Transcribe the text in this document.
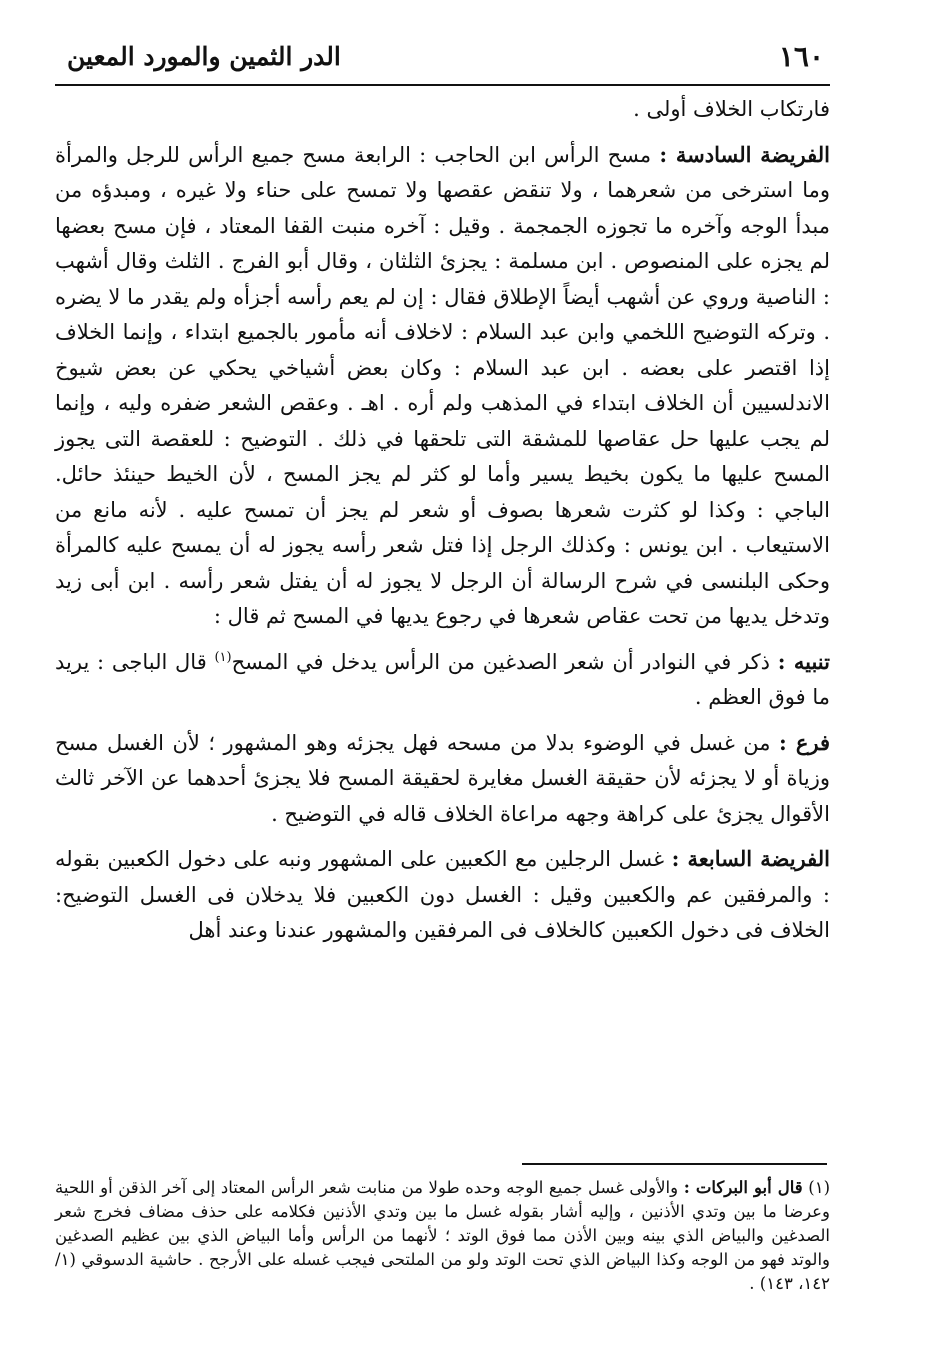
١٦٠
الدر الثمين والمورد المعين

فارتكاب الخلاف أولى .

الفريضة السادسة : مسح الرأس ابن الحاجب : الرابعة مسح جميع الرأس للرجل والمرأة وما استرخى من شعرهما ، ولا تنقض عقصها ولا تمسح على حناء ولا غيره ، ومبدؤه من مبدأ الوجه وآخره ما تجوزه الجمجمة . وقيل : آخره منبت القفا المعتاد ، فإن مسح بعضها لم يجزه على المنصوص . ابن مسلمة : يجزئ الثلثان ، وقال أبو الفرج . الثلث وقال أشهب : الناصية وروي عن أشهب أيضاً الإطلاق فقال : إن لم يعم رأسه أجزأه ولم يقدر ما لا يضره . وتركه التوضيح اللخمي وابن عبد السلام : لاخلاف أنه مأمور بالجميع ابتداء ، وإنما الخلاف إذا اقتصر على بعضه . ابن عبد السلام : وكان بعض أشياخي يحكي عن بعض شيوخ الاندلسيين أن الخلاف ابتداء في المذهب ولم أره . اهـ . وعقص الشعر ضفره وليه ، وإنما لم يجب عليها حل عقاصها للمشقة التى تلحقها في ذلك . التوضيح : للعقصة التى يجوز المسح عليها ما يكون بخيط يسير وأما لو كثر لم يجز المسح ، لأن الخيط حينئذ حائل. الباجي : وكذا لو كثرت شعرها بصوف أو شعر لم يجز أن تمسح عليه . لأنه مانع من الاستيعاب . ابن يونس : وكذلك الرجل إذا فتل شعر رأسه يجوز له أن يمسح عليه كالمرأة وحكى البلنسى في شرح الرسالة أن الرجل لا يجوز له أن يفتل شعر رأسه . ابن أبى زيد وتدخل يديها من تحت عقاص شعرها في رجوع يديها في المسح ثم قال :

تنبيه : ذكر في النوادر أن شعر الصدغين من الرأس يدخل في المسح$^{(١)}$ قال الباجى : يريد ما فوق العظم .

فرع : من غسل في الوضوء بدلا من مسحه فهل يجزئه وهو المشهور ؛ لأن الغسل مسح وزياة أو لا يجزئه لأن حقيقة الغسل مغايرة لحقيقة المسح فلا يجزئ أحدهما عن الآخر ثالث الأقوال يجزئ على كراهة وجهه مراعاة الخلاف قاله في التوضيح .

الفريضة السابعة : غسل الرجلين مع الكعبين على المشهور ونبه على دخول الكعبين بقوله : والمرفقين عم والكعبين وقيل : الغسل دون الكعبين فلا يدخلان فى الغسل التوضيح: الخلاف فى دخول الكعبين كالخلاف فى المرفقين والمشهور عندنا وعند أهل

(١) قال أبو البركات : والأولى غسل جميع الوجه وحده طولا من منابت شعر الرأس المعتاد إلى آخر الذقن أو اللحية وعرضا ما بين وتدي الأذنين ، وإليه أشار بقوله غسل ما بين وتدي الأذنين فكلامه على حذف مضاف فخرج شعر الصدغين والبياض الذي بينه وبين الأذن مما فوق الوتد ؛ لأنهما من الرأس وأما البياض الذي بين عظيم الصدغين والوتد فهو من الوجه وكذا البياض الذي تحت الوتد ولو من الملتحى فيجب غسله على الأرجح . حاشية الدسوقي (١/ ١٤٢، ١٤٣) .
